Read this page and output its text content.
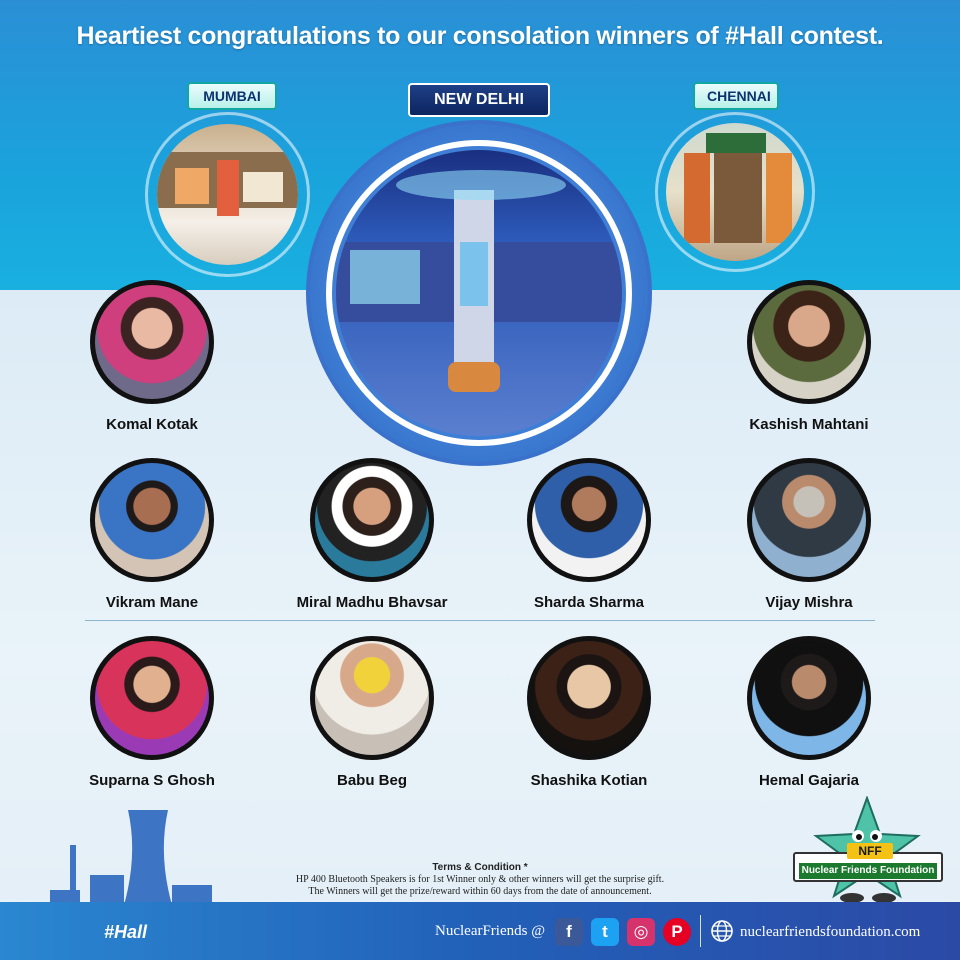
Heartiest congratulations to our consolation winners of #Hall contest.
MUMBAI	NEW DELHI	CHENNAI
Komal Kotak	Kashish Mahtani
Vikram Mane	Miral Madhu Bhavsar	Sharda Sharma	Vijay Mishra
Suparna S Ghosh	Babu Beg	Shashika Kotian	Hemal Gajaria
Terms & Condition *
HP 400 Bluetooth Speakers is for 1st Winner only & other winners will get the surprise gift.
The Winners will get the prize/reward within 60 days from the date of announcement.
NFF
Nuclear Friends Foundation
#Hall	NuclearFriends @	f	t	◎	P	nuclearfriendsfoundation.com
